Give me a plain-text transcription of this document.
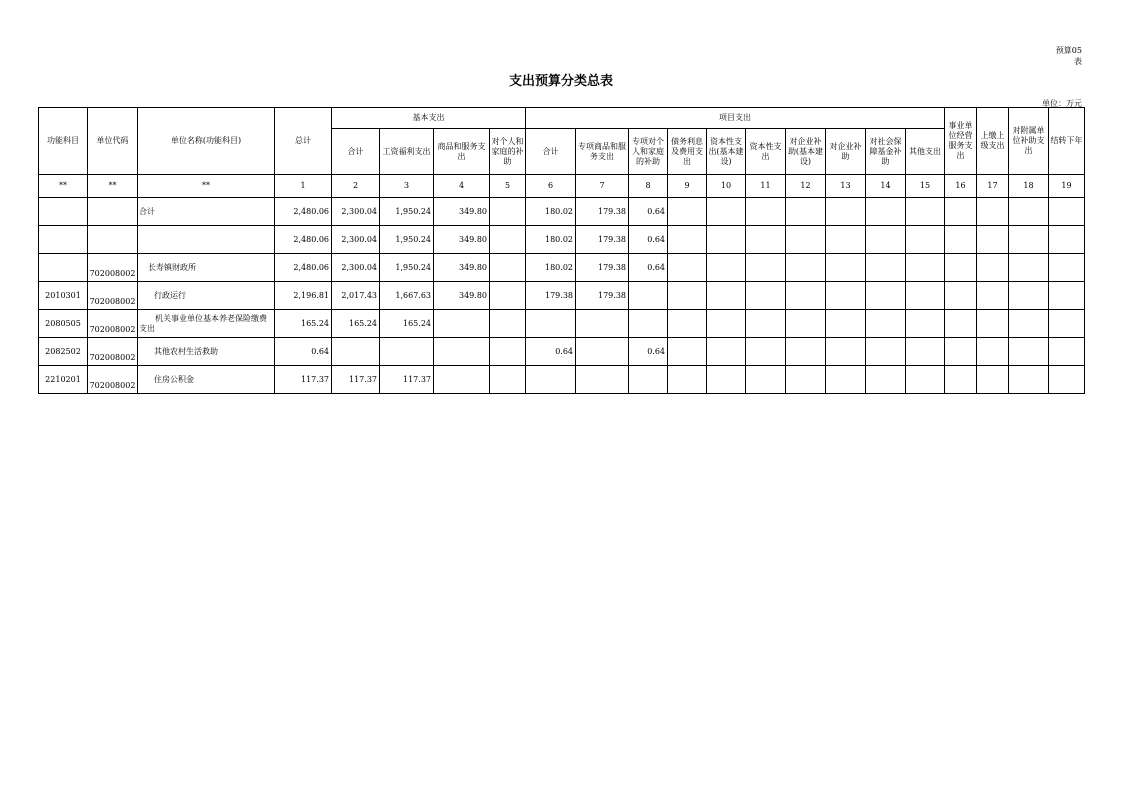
预算05
表
支出预算分类总表
单位：万元
功能科目	单位代码	单位名称(功能科目)	总计	基本支出				项目支出										事业单位经营服务支出	上缴上级支出	对附属单位补助支出	结转下年
				合计	工资福利支出	商品和服务支出	对个人和家庭的补助	合计	专项商品和服务支出	专项对个人和家庭的补助	债务利息及费用支出	资本性支出(基本建设)	资本性支出	对企业补助(基本建设)	对企业补助	对社会保障基金补助	其他支出				
**	**	**	1	2	3	4	5	6	7	8	9	10	11	12	13	14	15	16	17	18	19
		合计	2,480.06	2,300.04	1,950.24	349.80		180.02	179.38	0.64											
			2,480.06	2,300.04	1,950.24	349.80		180.02	179.38	0.64											
	702008002	长寿镇财政所	2,480.06	2,300.04	1,950.24	349.80		180.02	179.38	0.64											
2010301	702008002	行政运行	2,196.81	2,017.43	1,667.63	349.80		179.38	179.38												
2080505	702008002	机关事业单位基本养老保险缴费支出	165.24	165.24	165.24																
2082502	702008002	其他农村生活救助	0.64					0.64		0.64											
2210201	702008002	住房公积金	117.37	117.37	117.37																
